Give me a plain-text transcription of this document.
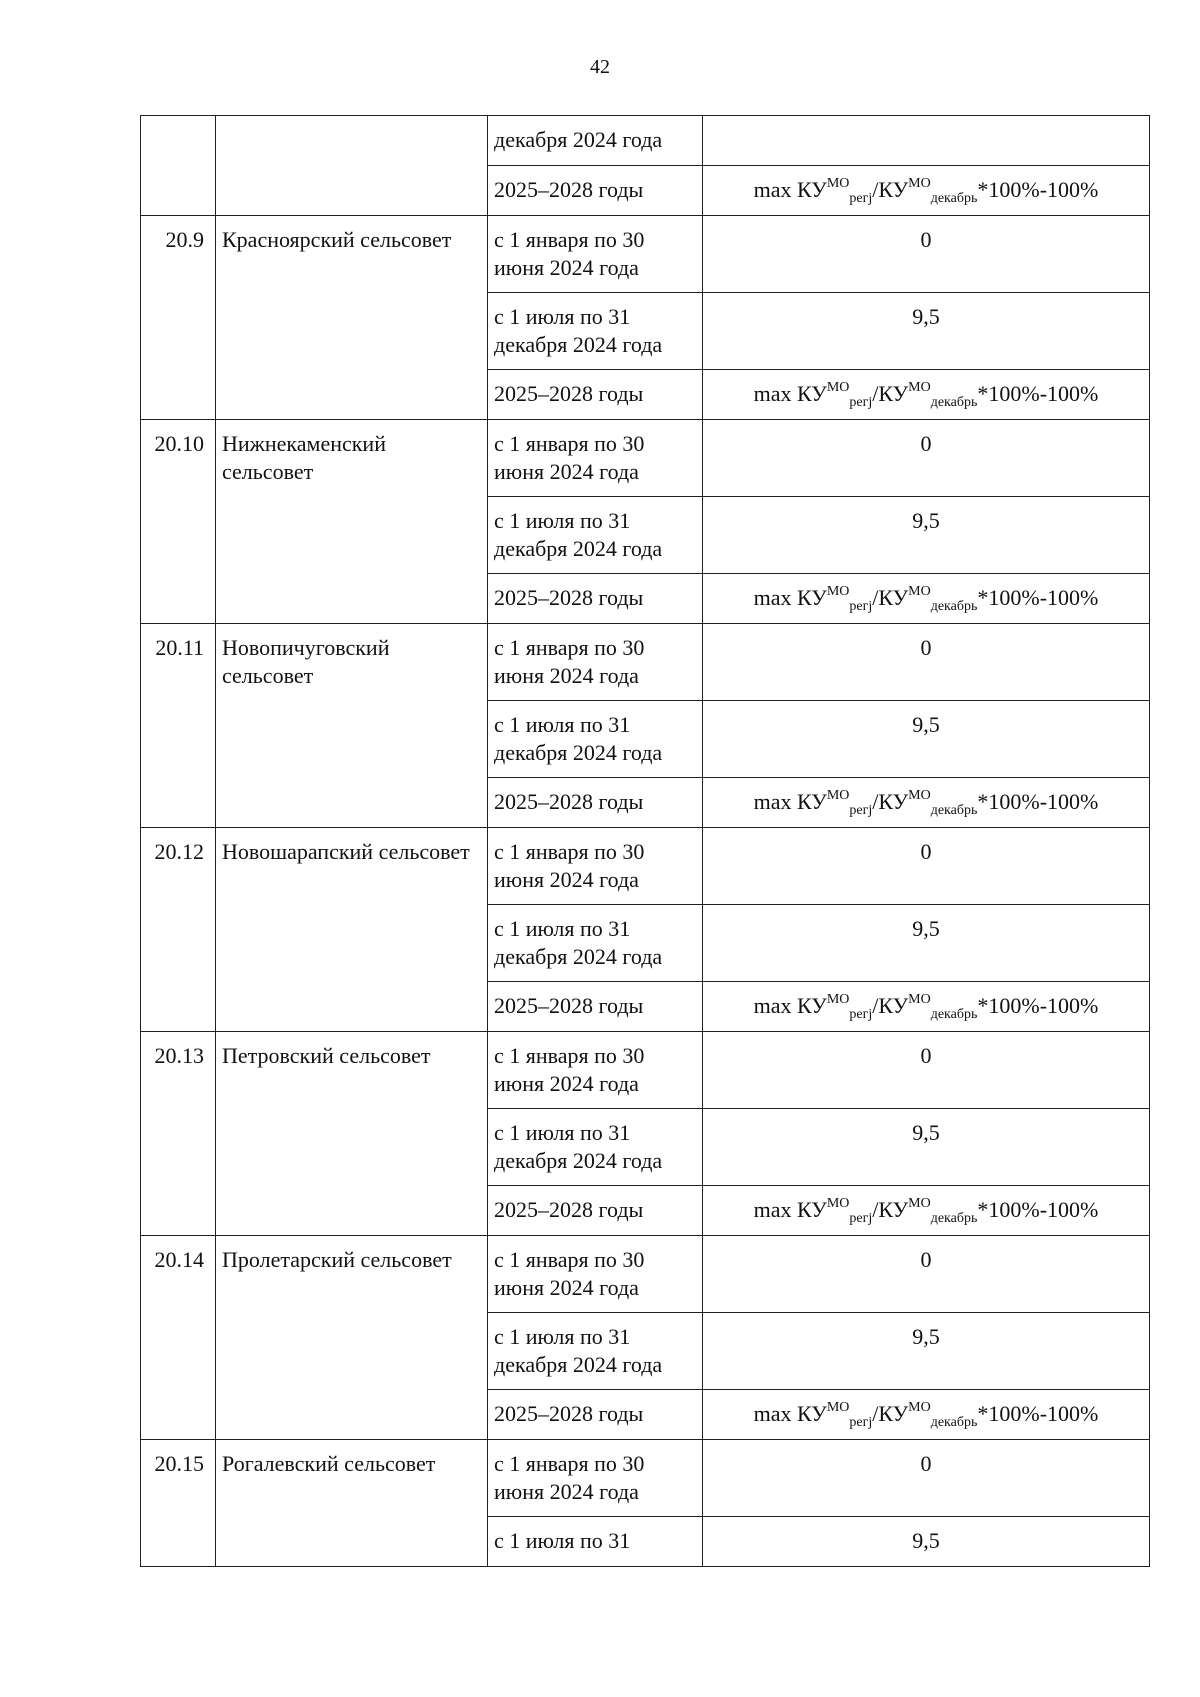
42
		декабря 2024 года	
		2025–2028 годы	$\max КУ^{МО}_{регj}/КУ^{МО}_{декабрь}*100\%-100\%$
20.9	Красноярский сельсовет	с 1 января по 30 июня 2024 года	0
		с 1 июля по 31 декабря 2024 года	9,5
		2025–2028 годы	$\max КУ^{МО}_{регj}/КУ^{МО}_{декабрь}*100\%-100\%$
20.10	Нижнекаменский сельсовет	с 1 января по 30 июня 2024 года	0
		с 1 июля по 31 декабря 2024 года	9,5
		2025–2028 годы	$\max КУ^{МО}_{регj}/КУ^{МО}_{декабрь}*100\%-100\%$
20.11	Новопичуговский сельсовет	с 1 января по 30 июня 2024 года	0
		с 1 июля по 31 декабря 2024 года	9,5
		2025–2028 годы	$\max КУ^{МО}_{регj}/КУ^{МО}_{декабрь}*100\%-100\%$
20.12	Новошарапский сельсовет	с 1 января по 30 июня 2024 года	0
		с 1 июля по 31 декабря 2024 года	9,5
		2025–2028 годы	$\max КУ^{МО}_{регj}/КУ^{МО}_{декабрь}*100\%-100\%$
20.13	Петровский сельсовет	с 1 января по 30 июня 2024 года	0
		с 1 июля по 31 декабря 2024 года	9,5
		2025–2028 годы	$\max КУ^{МО}_{регj}/КУ^{МО}_{декабрь}*100\%-100\%$
20.14	Пролетарский сельсовет	с 1 января по 30 июня 2024 года	0
		с 1 июля по 31 декабря 2024 года	9,5
		2025–2028 годы	$\max КУ^{МО}_{регj}/КУ^{МО}_{декабрь}*100\%-100\%$
20.15	Рогалевский сельсовет	с 1 января по 30 июня 2024 года	0
		с 1 июля по 31	9,5
